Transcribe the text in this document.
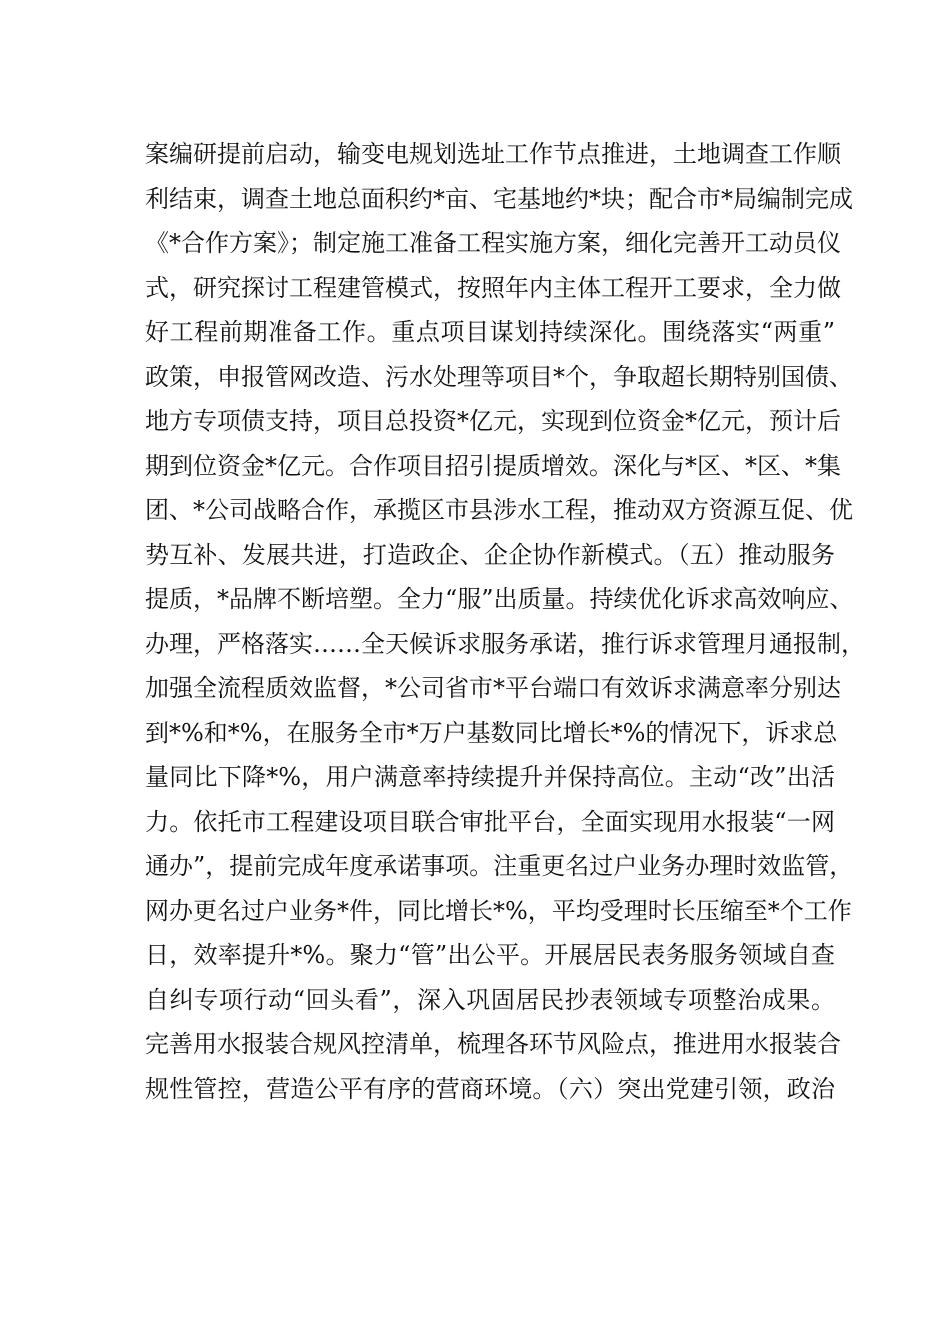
案编研提前启动，输变电规划选址工作节点推进，土地调查工作顺
利结束，调查土地总面积约*亩、宅基地约*块；配合市*局编制完成
《*合作方案》；制定施工准备工程实施方案，细化完善开工动员仪
式，研究探讨工程建管模式，按照年内主体工程开工要求，全力做
好工程前期准备工作。重点项目谋划持续深化。围绕落实“两重”
政策，申报管网改造、污水处理等项目*个，争取超长期特别国债、
地方专项债支持，项目总投资*亿元，实现到位资金*亿元，预计后
期到位资金*亿元。合作项目招引提质增效。深化与*区、*区、*集
团、*公司战略合作，承揽区市县涉水工程，推动双方资源互促、优
势互补、发展共进，打造政企、企企协作新模式。（五）推动服务
提质，*品牌不断培塑。全力“服”出质量。持续优化诉求高效响应、
办理，严格落实……全天候诉求服务承诺，推行诉求管理月通报制，
加强全流程质效监督，*公司省市*平台端口有效诉求满意率分别达
到*%和*%，在服务全市*万户基数同比增长*%的情况下，诉求总
量同比下降*%，用户满意率持续提升并保持高位。主动“改”出活
力。依托市工程建设项目联合审批平台，全面实现用水报装“一网
通办”，提前完成年度承诺事项。注重更名过户业务办理时效监管，
网办更名过户业务*件，同比增长*%，平均受理时长压缩至*个工作
日，效率提升*%。聚力“管”出公平。开展居民表务服务领域自查
自纠专项行动“回头看”，深入巩固居民抄表领域专项整治成果。
完善用水报装合规风控清单，梳理各环节风险点，推进用水报装合
规性管控，营造公平有序的营商环境。（六）突出党建引领，政治
